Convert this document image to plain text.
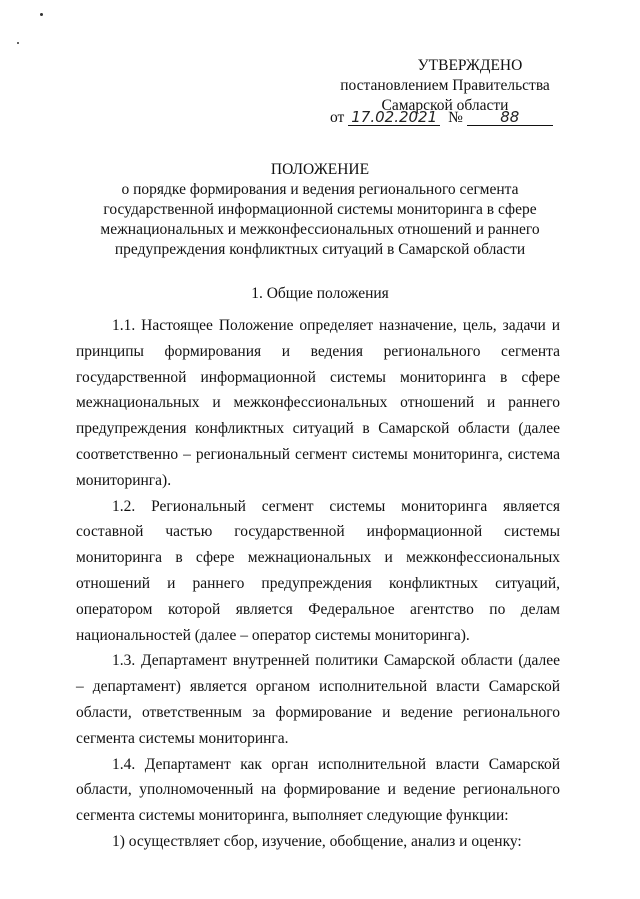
УТВЕРЖДЕНО
постановлением Правительства
Самарской области
от 17.02.2021 № 88
ПОЛОЖЕНИЕ
о порядке формирования и ведения регионального сегмента
государственной информационной системы мониторинга в сфере
межнациональных и межконфессиональных отношений и раннего
предупреждения конфликтных ситуаций в Самарской области
1. Общие положения

1.1. Настоящее Положение определяет назначение, цель, задачи и принципы формирования и ведения регионального сегмента государственной информационной системы мониторинга в сфере межнациональных и межконфессиональных отношений и раннего предупреждения конфликтных ситуаций в Самарской области (далее соответственно – региональный сегмент системы мониторинга, система мониторинга).

1.2. Региональный сегмент системы мониторинга является составной частью государственной информационной системы мониторинга в сфере межнациональных и межконфессиональных отношений и раннего предупреждения конфликтных ситуаций, оператором которой является Федеральное агентство по делам национальностей (далее – оператор системы мониторинга).

1.3. Департамент внутренней политики Самарской области (далее – департамент) является органом исполнительной власти Самарской области, ответственным за формирование и ведение регионального сегмента системы мониторинга.

1.4. Департамент как орган исполнительной власти Самарской области, уполномоченный на формирование и ведение регионального сегмента системы мониторинга, выполняет следующие функции:

1) осуществляет сбор, изучение, обобщение, анализ и оценку:
